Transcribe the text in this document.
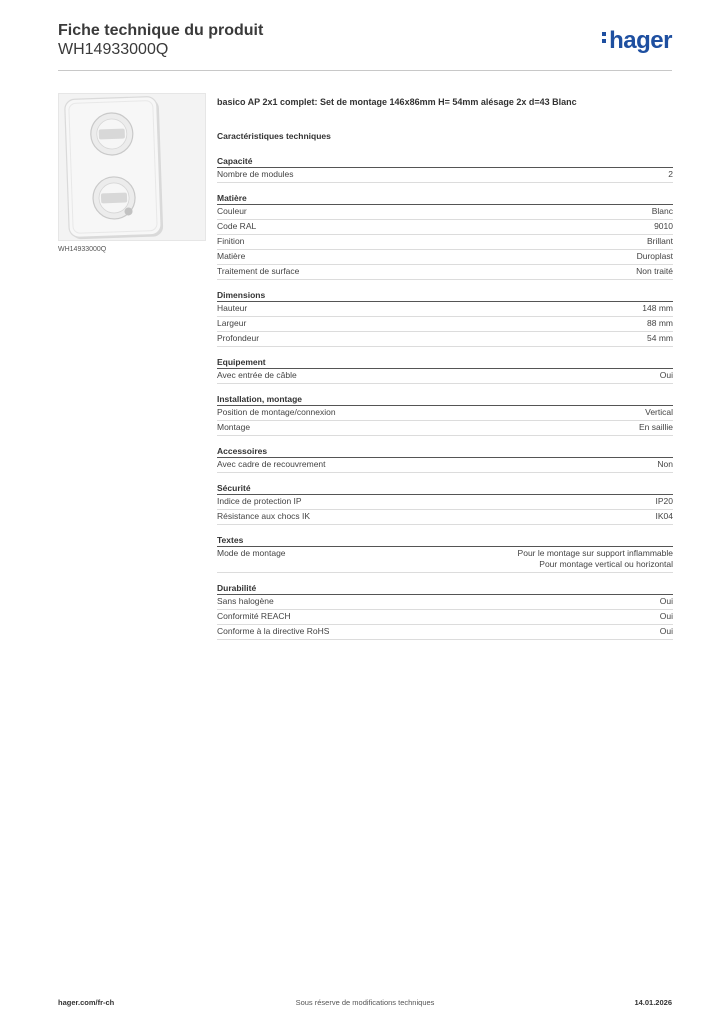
Fiche technique du produit
WH14933000Q	hager
WH14933000Q
basico AP 2x1 complet: Set de montage 146x86mm H= 54mm alésage 2x d=43 Blanc
Caractéristiques techniques
Capacité
Nombre de modules	2
Matière
Couleur	Blanc
Code RAL	9010
Finition	Brillant
Matière	Duroplast
Traitement de surface	Non traité
Dimensions
Hauteur	148 mm
Largeur	88 mm
Profondeur	54 mm
Equipement
Avec entrée de câble	Oui
Installation, montage
Position de montage/connexion	Vertical
Montage	En saillie
Accessoires
Avec cadre de recouvrement	Non
Sécurité
Indice de protection IP	IP20
Résistance aux chocs IK	IK04
Textes
Mode de montage	Pour le montage sur support inflammable
Pour montage vertical ou horizontal
Durabilité
Sans halogène	Oui
Conformité REACH	Oui
Conforme à la directive RoHS	Oui
Sous réserve de modifications techniques
hager.com/fr-ch	14.01.2026
